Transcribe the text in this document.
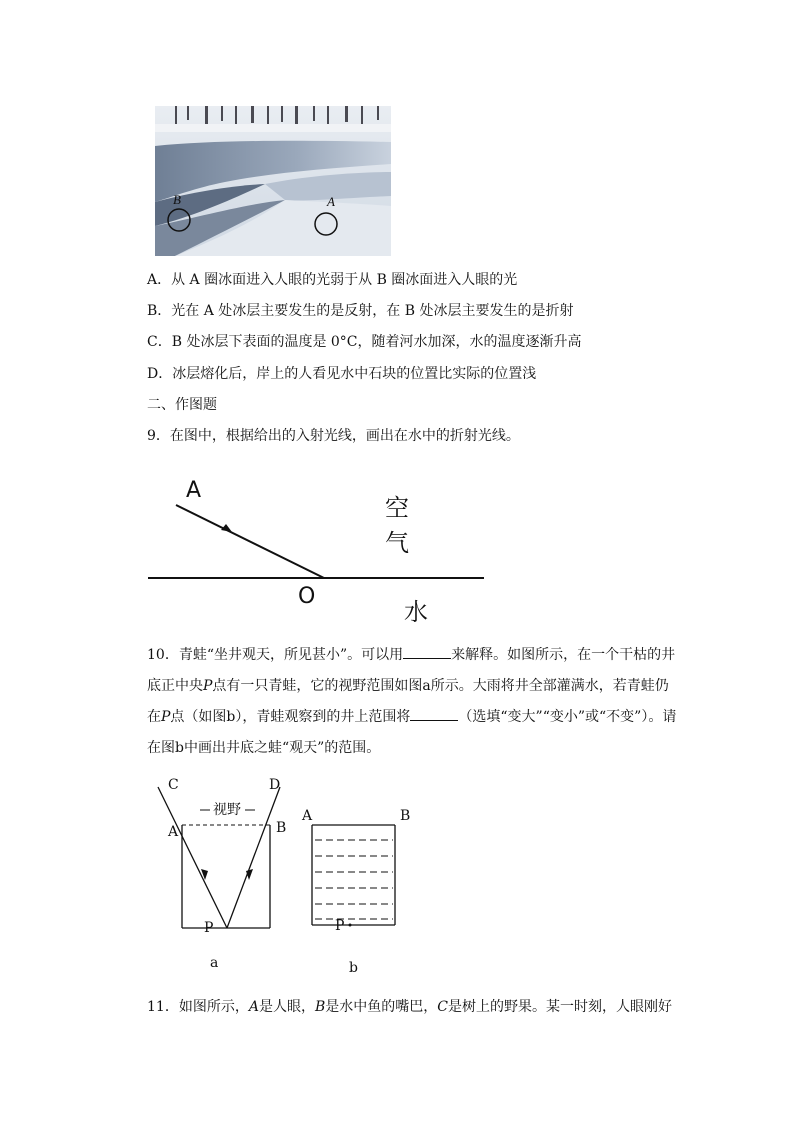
B	A
A．从 A 圈冰面进入人眼的光弱于从 B 圈冰面进入人眼的光
B．光在 A 处冰层主要发生的是反射，在 B 处冰层主要发生的是折射
C．B 处冰层下表面的温度是 0°C，随着河水加深，水的温度逐渐升高
D．冰层熔化后，岸上的人看见水中石块的位置比实际的位置浅
二、作图题
9．在图中，根据给出的入射光线，画出在水中的折射光线。
A
O
空
气
水
10．青蛙“坐井观天，所见甚小”。可以用	来解释。如图所示，在一个干枯的井底正中央P点有一只青蛙，它的视野范围如图a所示。大雨将井全部灌满水，若青蛙仍在P点（如图b），青蛙观察到的井上范围将	（选填“变大”“变小”或“不变”）。请在图b中画出井底之蛙“观天”的范围。
C	D
A	B
P
视野
a
A	B
P
b
11．如图所示，A是人眼，B是水中鱼的嘴巴，C是树上的野果。某一时刻，人眼刚好
